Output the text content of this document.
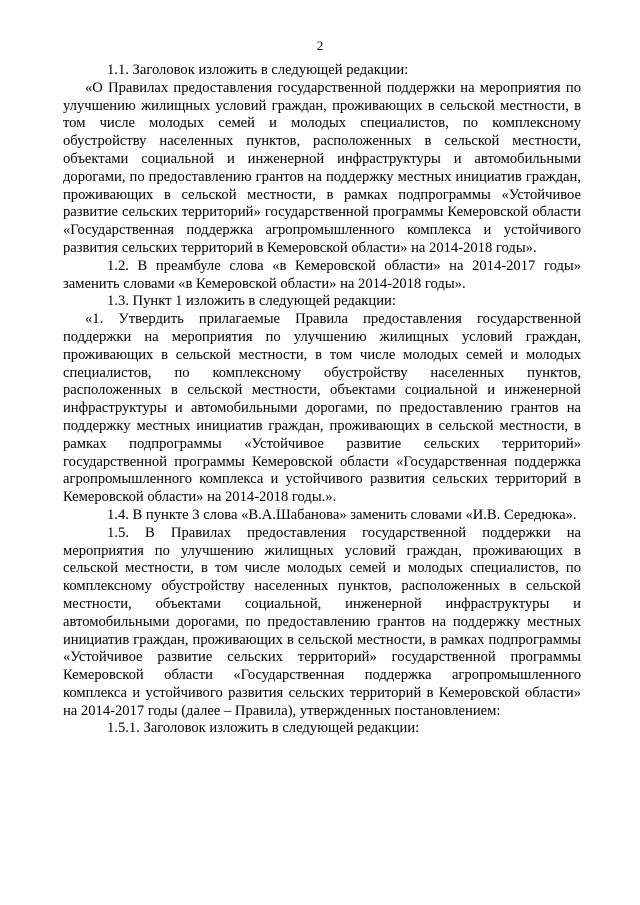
2

1.1. Заголовок изложить в следующей редакции:

«О Правилах предоставления государственной поддержки на мероприятия по улучшению жилищных условий граждан, проживающих в сельской местности, в том числе молодых семей и молодых специалистов, по комплексному обустройству населенных пунктов, расположенных в сельской местности, объектами социальной и инженерной инфраструктуры и автомобильными дорогами, по предоставлению грантов на поддержку местных инициатив граждан, проживающих в сельской местности, в рамках подпрограммы «Устойчивое развитие сельских территорий» государственной программы Кемеровской области «Государственная поддержка агропромышленного комплекса и устойчивого развития сельских территорий в Кемеровской области» на 2014-2018 годы».

1.2. В преамбуле слова «в Кемеровской области» на 2014-2017 годы» заменить словами «в Кемеровской области» на 2014-2018 годы».

1.3. Пункт 1 изложить в следующей редакции:

«1. Утвердить прилагаемые Правила предоставления государственной поддержки на мероприятия по улучшению жилищных условий граждан, проживающих в сельской местности, в том числе молодых семей и молодых специалистов, по комплексному обустройству населенных пунктов, расположенных в сельской местности, объектами социальной и инженерной инфраструктуры и автомобильными дорогами, по предоставлению грантов на поддержку местных инициатив граждан, проживающих в сельской местности, в рамках подпрограммы «Устойчивое развитие сельских территорий» государственной программы Кемеровской области «Государственная поддержка агропромышленного комплекса и устойчивого развития сельских территорий в Кемеровской области» на 2014-2018 годы.».

1.4. В пункте 3 слова «В.А.Шабанова» заменить словами «И.В. Середюка».

1.5. В Правилах предоставления государственной поддержки на мероприятия по улучшению жилищных условий граждан, проживающих в сельской местности, в том числе молодых семей и молодых специалистов, по комплексному обустройству населенных пунктов, расположенных в сельской местности, объектами социальной, инженерной инфраструктуры и автомобильными дорогами, по предоставлению грантов на поддержку местных инициатив граждан, проживающих в сельской местности, в рамках подпрограммы «Устойчивое развитие сельских территорий» государственной программы Кемеровской области «Государственная поддержка агропромышленного комплекса и устойчивого развития сельских территорий в Кемеровской области» на 2014-2017 годы (далее – Правила), утвержденных постановлением:

1.5.1. Заголовок изложить в следующей редакции:
